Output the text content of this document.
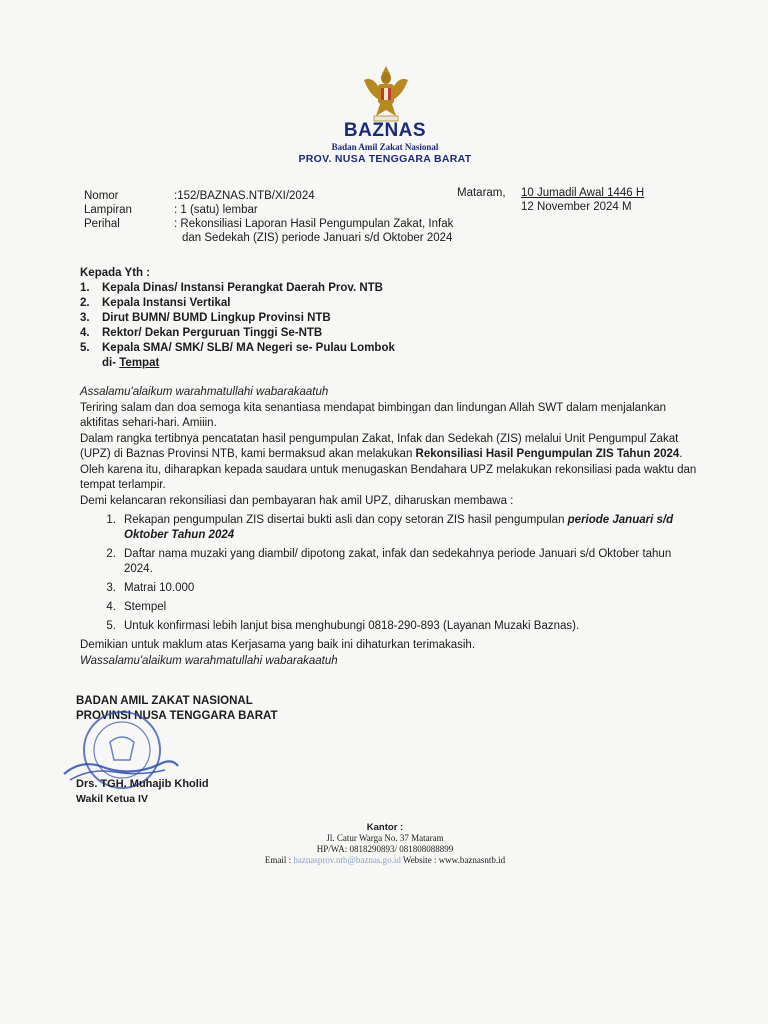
BAZNAS
Badan Amil Zakat Nasional
PROV. NUSA TENGGARA BARAT
Nomor	:152/BAZNAS.NTB/XI/2024
Lampiran	: 1 (satu) lembar
Perihal	: Rekonsiliasi Laporan Hasil Pengumpulan Zakat, Infak
dan Sedekah (ZIS) periode Januari s/d Oktober 2024
Mataram, 10 Jumadil Awal 1446 H
12 November 2024 M
Kepada Yth :
1.	Kepala Dinas/ Instansi Perangkat Daerah Prov. NTB
2.	Kepala Instansi Vertikal
3.	Dirut BUMN/ BUMD Lingkup Provinsi NTB
4.	Rektor/ Dekan Perguruan Tinggi Se-NTB
5.	Kepala SMA/ SMK/ SLB/ MA Negeri se- Pulau Lombok
di- Tempat

Assalamu'alaikum warahmatullahi wabarakaatuh

Teriring salam dan doa semoga kita senantiasa mendapat bimbingan dan lindungan Allah SWT dalam menjalankan aktifitas sehari-hari. Amiiin.

Dalam rangka tertibnya pencatatan hasil pengumpulan Zakat, Infak dan Sedekah (ZIS) melalui Unit Pengumpul Zakat (UPZ) di Baznas Provinsi NTB, kami bermaksud akan melakukan Rekonsiliasi Hasil Pengumpulan ZIS Tahun 2024.

Oleh karena itu, diharapkan kepada saudara untuk menugaskan Bendahara UPZ melakukan rekonsiliasi pada waktu dan tempat terlampir.

Demi kelancaran rekonsiliasi dan pembayaran hak amil UPZ, diharuskan membawa :

1. Rekapan pengumpulan ZIS disertai bukti asli dan copy setoran ZIS hasil pengumpulan periode Januari s/d Oktober Tahun 2024
2. Daftar nama muzaki yang diambil/ dipotong zakat, infak dan sedekahnya periode Januari s/d Oktober tahun 2024.
3. Matrai 10.000
4. Stempel
5. Untuk konfirmasi lebih lanjut bisa menghubungi 0818-290-893 (Layanan Muzaki Baznas).

Demikian untuk maklum atas Kerjasama yang baik ini dihaturkan terimakasih.

Wassalamu'alaikum warahmatullahi wabarakaatuh

BADAN AMIL ZAKAT NASIONAL
PROVINSI NUSA TENGGARA BARAT
Drs. TGH. Muhajib Kholid
Wakil Ketua IV
Kantor :
Jl. Catur Warga No. 37 Mataram
HP/WA: 0818290893/ 081808088899
Email : baznasprov.ntb@baznas.go.id Website : www.baznasntb.id
